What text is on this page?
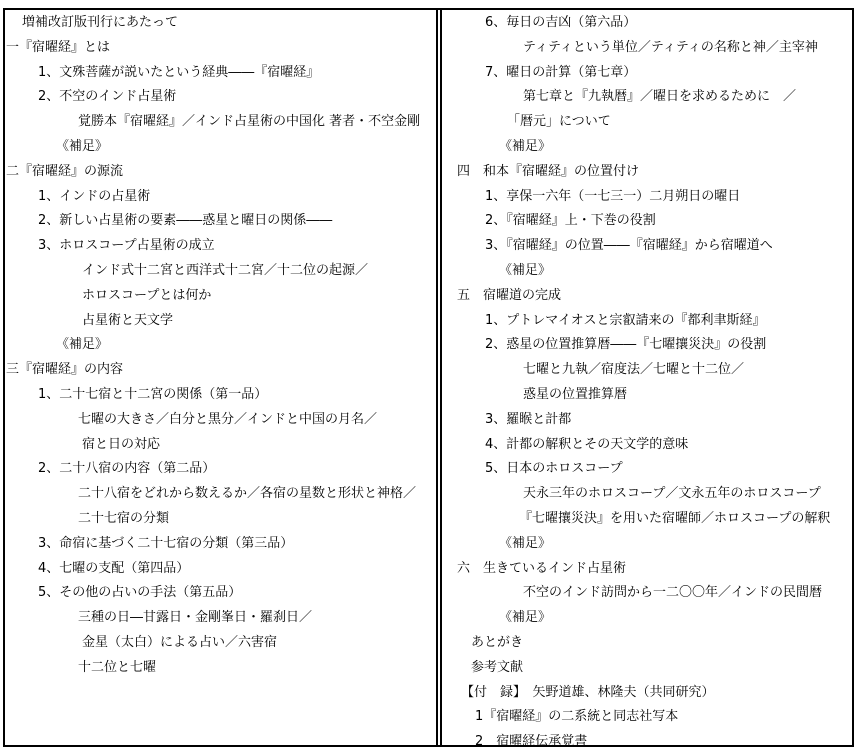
増補改訂版刊行にあたって
一『宿曜経』とは
1、文殊菩薩が説いたという経典――『宿曜経』
2、不空のインド占星術
覚勝本『宿曜経』／インド占星術の中国化 著者・不空金剛
《補足》
二『宿曜経』の源流
1、インドの占星術
2、新しい占星術の要素――惑星と曜日の関係――
3、ホロスコープ占星術の成立
インド式十二宮と西洋式十二宮／十二位の起源／
ホロスコープとは何か
占星術と天文学
《補足》
三『宿曜経』の内容
1、二十七宿と十二宮の関係（第一品）
七曜の大きさ／白分と黒分／インドと中国の月名／
宿と日の対応
2、二十八宿の内容（第二品）
二十八宿をどれから数えるか／各宿の星数と形状と神格／
二十七宿の分類
3、命宿に基づく二十七宿の分類（第三品）
4、七曜の支配（第四品）
5、その他の占いの手法（第五品）
三種の日―甘露日・金剛峯日・羅刹日／
金星（太白）による占い／六害宿
十二位と七曜
6、毎日の吉凶（第六品）
ティティという単位／ティティの名称と神／主宰神
7、曜日の計算（第七章）
第七章と『九執暦』／曜日を求めるために　／
「暦元」について
《補足》
四　和本『宿曜経』の位置付け
1、享保一六年（一七三一）二月朔日の曜日
2、『宿曜経』上・下巻の役割
3、『宿曜経』の位置――『宿曜経』から宿曜道へ
《補足》
五　宿曜道の完成
1、プトレマイオスと宗叡請来の『都利聿斯経』
2、惑星の位置推算暦――『七曜攘災決』の役割
七曜と九執／宿度法／七曜と十二位／
惑星の位置推算暦
3、羅睺と計都
4、計都の解釈とその天文学的意味
5、日本のホロスコープ
天永三年のホロスコープ／文永五年のホロスコープ
『七曜攘災決』を用いた宿曜師／ホロスコープの解釈
《補足》
六　生きているインド占星術
不空のインド訪問から一二〇〇年／インドの民間暦
《補足》
あとがき
参考文献
【付　録】　矢野道雄、林隆夫（共同研究）
1『宿曜経』の二系統と同志社写本
2　宿曜経伝承覚書
